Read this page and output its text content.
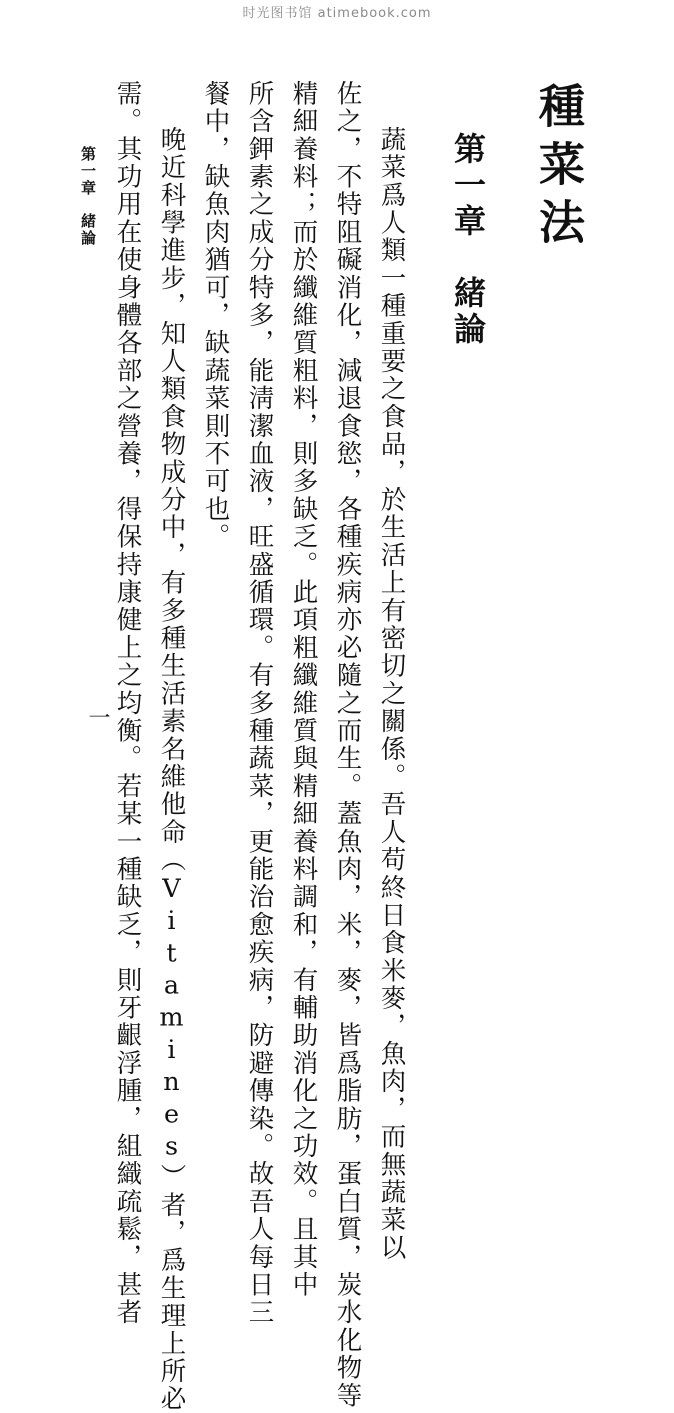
时光图书馆 atimebook.com
種菜法
第一章緒論
蔬菜爲人類一種重要之食品，於生活上有密切之關係。吾人苟終日食米麥，魚肉，而無蔬菜以
佐之，不特阻礙消化，減退食慾，各種疾病亦必隨之而生。蓋魚肉，米，麥，皆爲脂肪，蛋白質，炭水化物等
精細養料；而於纖維質粗料，則多缺乏。此項粗纖維質與精細養料調和，有輔助消化之功效。且其中
所含鉀素之成分特多，能淸潔血液，旺盛循環。有多種蔬菜，更能治愈疾病，防避傳染。故吾人每日三
餐中，缺魚肉猶可，缺蔬菜則不可也。
晚近科學進步，知人類食物成分中，有多種生活素名維他命（Vitamines）者，爲生理上所必
需。其功用在使身體各部之營養，得保持康健上之均衡。若某一種缺乏，則牙齦浮腫，組織疏鬆，甚者
第一章緒論
一
